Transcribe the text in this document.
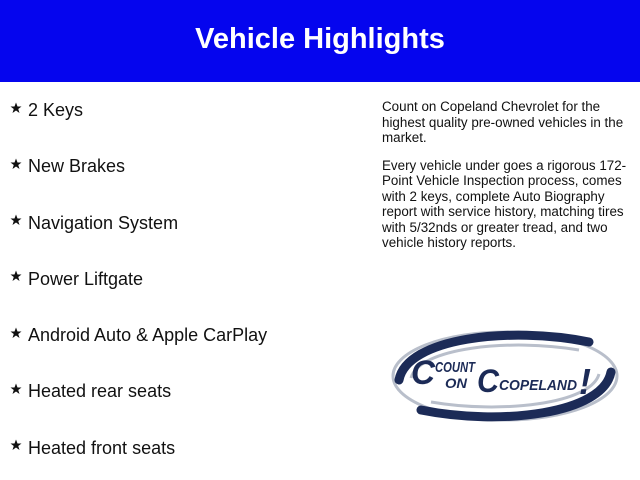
Vehicle Highlights
2 Keys
New Brakes
Navigation System
Power Liftgate
Android Auto & Apple CarPlay
Heated rear seats
Heated front seats

Count on Copeland Chevrolet for the highest quality pre-owned vehicles in the market.

Every vehicle under goes a rigorous 172-Point Vehicle Inspection process, comes with 2 keys, complete Auto Biography report with service history, matching tires with 5/32nds or greater tread, and two vehicle history reports.

C COUNT
ON C COPELAND !
